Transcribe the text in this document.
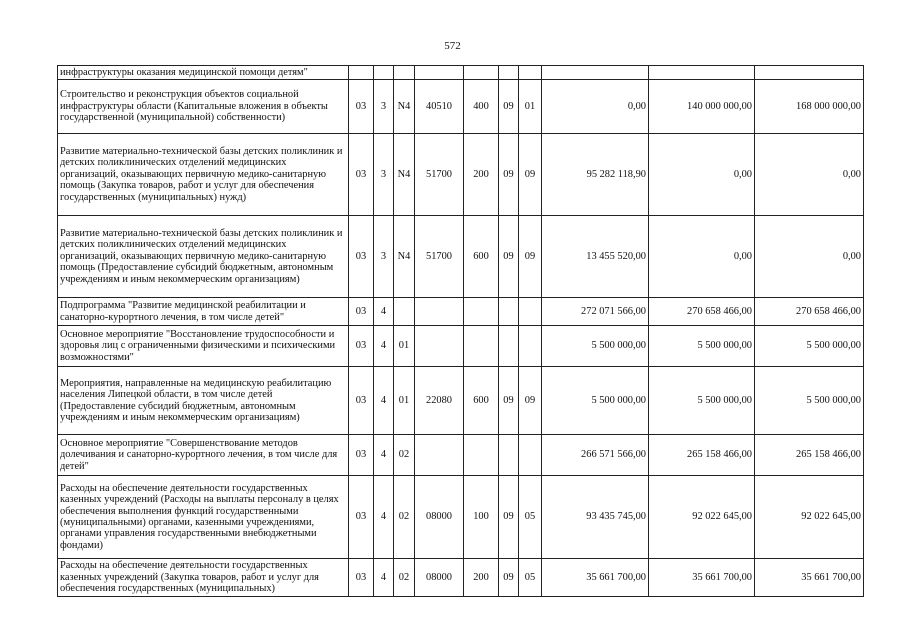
572
инфраструктуры оказания медицинской помощи детям"										
Строительство и реконструкция объектов социальной инфраструктуры области (Капитальные вложения в объекты государственной (муниципальной) собственности)	03	3	N4	40510	400	09	01	0,00	140 000 000,00	168 000 000,00
Развитие материально-технической базы детских поликлиник и детских поликлинических отделений медицинских организаций, оказывающих первичную медико-санитарную помощь (Закупка товаров, работ и услуг для обеспечения государственных (муниципальных) нужд)	03	3	N4	51700	200	09	09	95 282 118,90	0,00	0,00
Развитие материально-технической базы детских поликлиник и детских поликлинических отделений медицинских организаций, оказывающих первичную медико-санитарную помощь (Предоставление субсидий бюджетным, автономным учреждениям и иным некоммерческим организациям)	03	3	N4	51700	600	09	09	13 455 520,00	0,00	0,00
Подпрограмма "Развитие медицинской реабилитации и санаторно-курортного лечения, в том числе детей"	03	4						272 071 566,00	270 658 466,00	270 658 466,00
Основное мероприятие "Восстановление трудоспособности и здоровья лиц с ограниченными физическими и психическими возможностями"	03	4	01					5 500 000,00	5 500 000,00	5 500 000,00
Мероприятия, направленные на медицинскую реабилитацию населения Липецкой области, в том числе детей (Предоставление субсидий бюджетным, автономным учреждениям и иным некоммерческим организациям)	03	4	01	22080	600	09	09	5 500 000,00	5 500 000,00	5 500 000,00
Основное мероприятие "Совершенствование методов долечивания и санаторно-курортного лечения, в том числе для детей"	03	4	02					266 571 566,00	265 158 466,00	265 158 466,00
Расходы на обеспечение деятельности государственных казенных учреждений (Расходы на выплаты персоналу в целях обеспечения выполнения функций государственными (муниципальными) органами, казенными учреждениями, органами управления государственными внебюджетными фондами)	03	4	02	08000	100	09	05	93 435 745,00	92 022 645,00	92 022 645,00
Расходы на обеспечение деятельности государственных казенных учреждений (Закупка товаров, работ и услуг для обеспечения государственных (муниципальных)	03	4	02	08000	200	09	05	35 661 700,00	35 661 700,00	35 661 700,00
